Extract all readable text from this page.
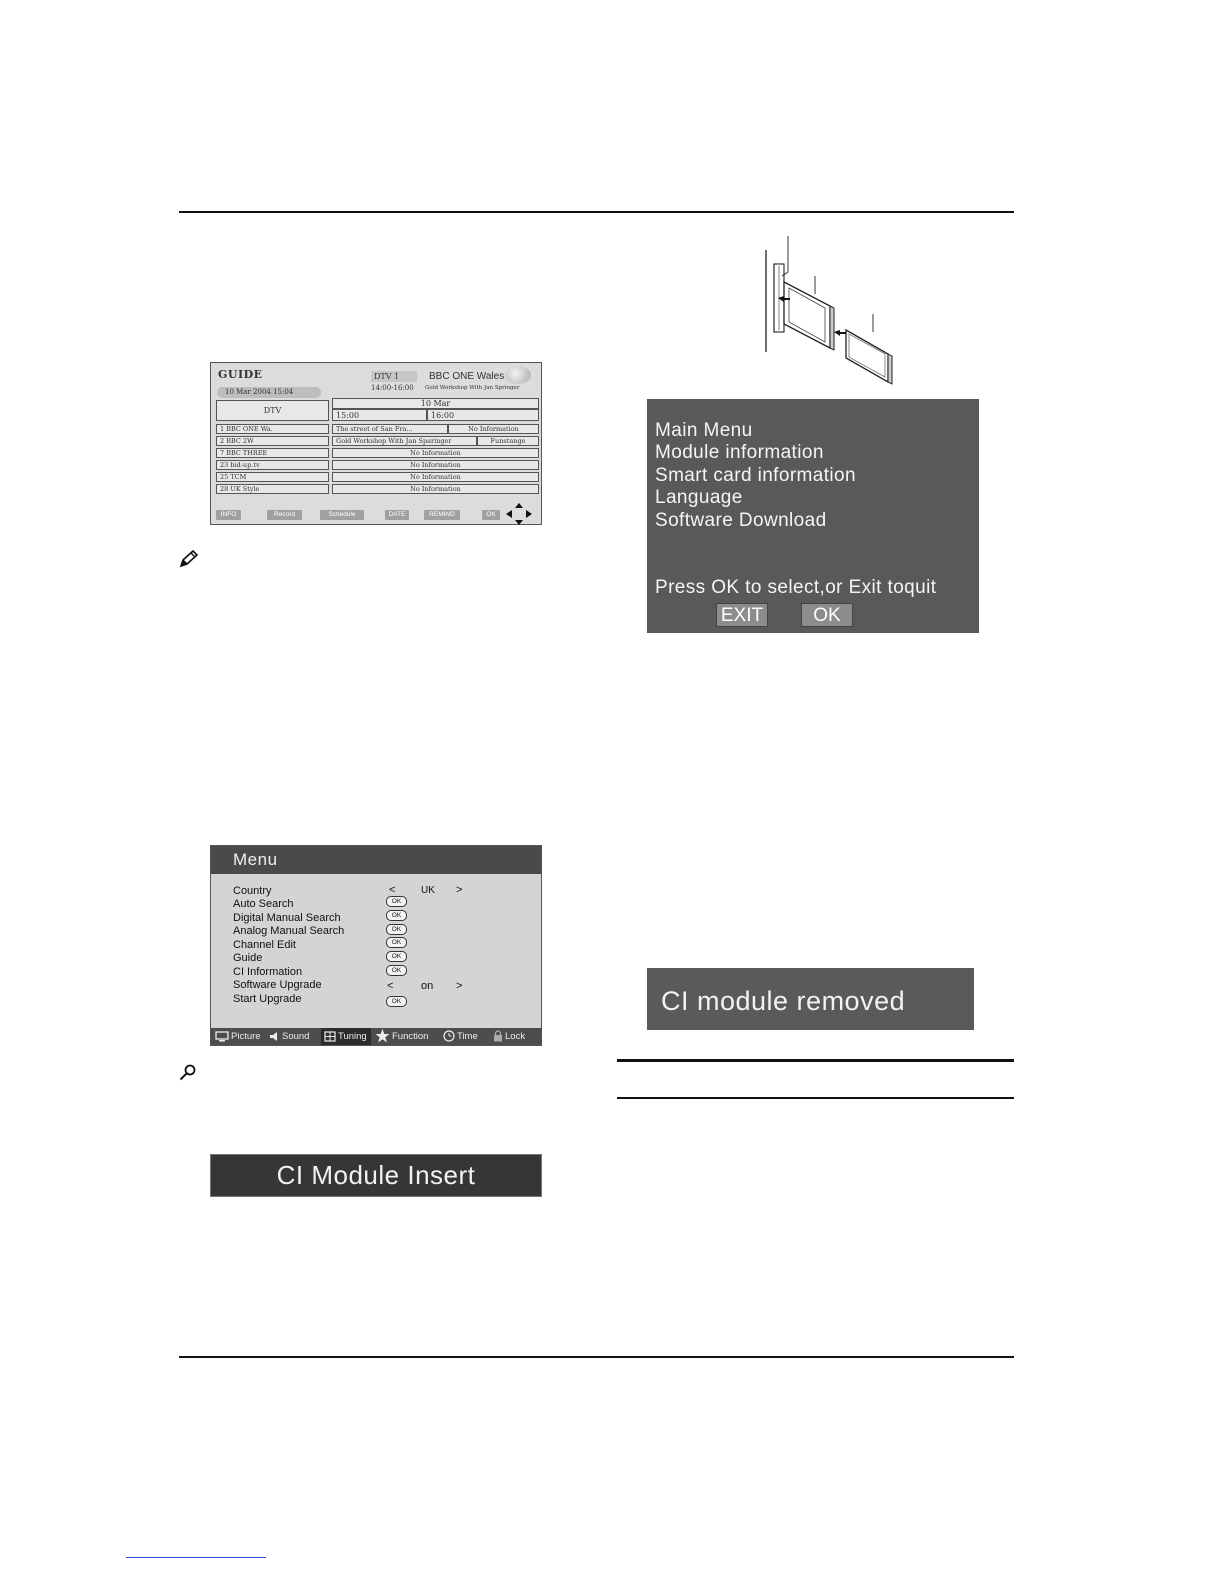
GUIDE
10 Mar 2004 15:04
DTV 1	BBC ONE Wales
14:00-16:00 Gold Workshop With Jan Springer
DTV
10 Mar
15:00	16:00
1 BBC ONE Wa.	The street of San Fra...	No Information
2 BBC 2W	Gold Workshop With Jan Sparinger	Funstange
7 BBC THREE	No Information
23 bid-up.tv	No Information
25 TCM	No Information
28 UK Style	No Information
INFO	Record	Schedule	DATE	REMIND	OK
Menu
Country	<	UK >
Auto Search	OK
Digital Manual Search	OK
Analog Manual Search	OK
Channel Edit	OK
Guide	OK
CI Information	OK
Software Upgrade	<	on >
Start Upgrade	OK
Picture	Sound	Tuning	Function	Time	Lock
CI Module Insert
Main Menu
Module information
Smart card information
Language
Software Download
Press OK to select,or Exit toquit
EXIT	OK
CI module removed
